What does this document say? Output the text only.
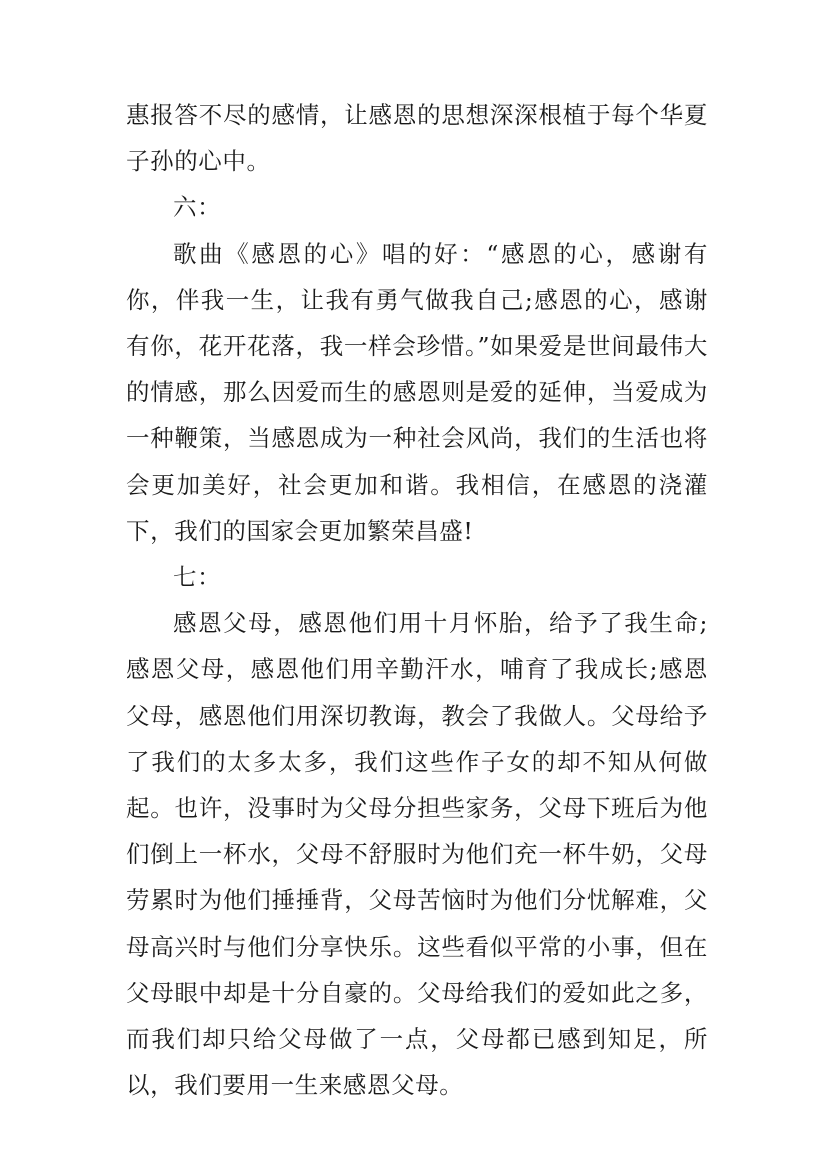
惠报答不尽的感情，让感恩的思想深深根植于每个华夏子孙的心中。

六：

歌曲《感恩的心》唱的好：“感恩的心，感谢有你，伴我一生，让我有勇气做我自己;感恩的心，感谢有你，花开花落，我一样会珍惜。”如果爱是世间最伟大的情感，那么因爱而生的感恩则是爱的延伸，当爱成为一种鞭策，当感恩成为一种社会风尚，我们的生活也将会更加美好，社会更加和谐。我相信，在感恩的浇灌下，我们的国家会更加繁荣昌盛!

七：

感恩父母，感恩他们用十月怀胎，给予了我生命;感恩父母，感恩他们用辛勤汗水，哺育了我成长;感恩父母，感恩他们用深切教诲，教会了我做人。父母给予了我们的太多太多，我们这些作子女的却不知从何做起。也许，没事时为父母分担些家务，父母下班后为他们倒上一杯水，父母不舒服时为他们充一杯牛奶，父母劳累时为他们捶捶背，父母苦恼时为他们分忧解难，父母高兴时与他们分享快乐。这些看似平常的小事，但在父母眼中却是十分自豪的。父母给我们的爱如此之多，而我们却只给父母做了一点，父母都已感到知足，所以，我们要用一生来感恩父母。
